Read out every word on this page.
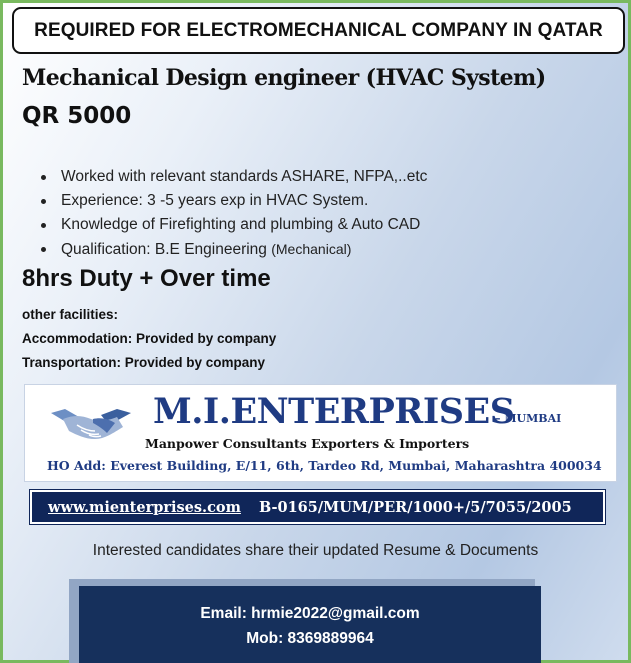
REQUIRED FOR ELECTROMECHANICAL COMPANY IN QATAR
Mechanical Design engineer (HVAC System)
QR 5000
Worked with relevant standards ASHARE, NFPA,..etc
Experience: 3 -5 years exp in HVAC System.
Knowledge of Firefighting and plumbing & Auto CAD
Qualification: B.E Engineering (Mechanical)
8hrs Duty + Over time
other facilities:
Accommodation: Provided by company
Transportation: Provided by company
M.I.ENTERPRISES
– MUMBAI
Manpower Consultants Exporters & Importers
HO Add: Everest Building, E/11, 6th, Tardeo Rd, Mumbai, Maharashtra 400034
www.mienterprises.com B-0165/MUM/PER/1000+/5/7055/2005
Interested candidates share their updated Resume & Documents
Email: hrmie2022@gmail.com
Mob: 8369889964
